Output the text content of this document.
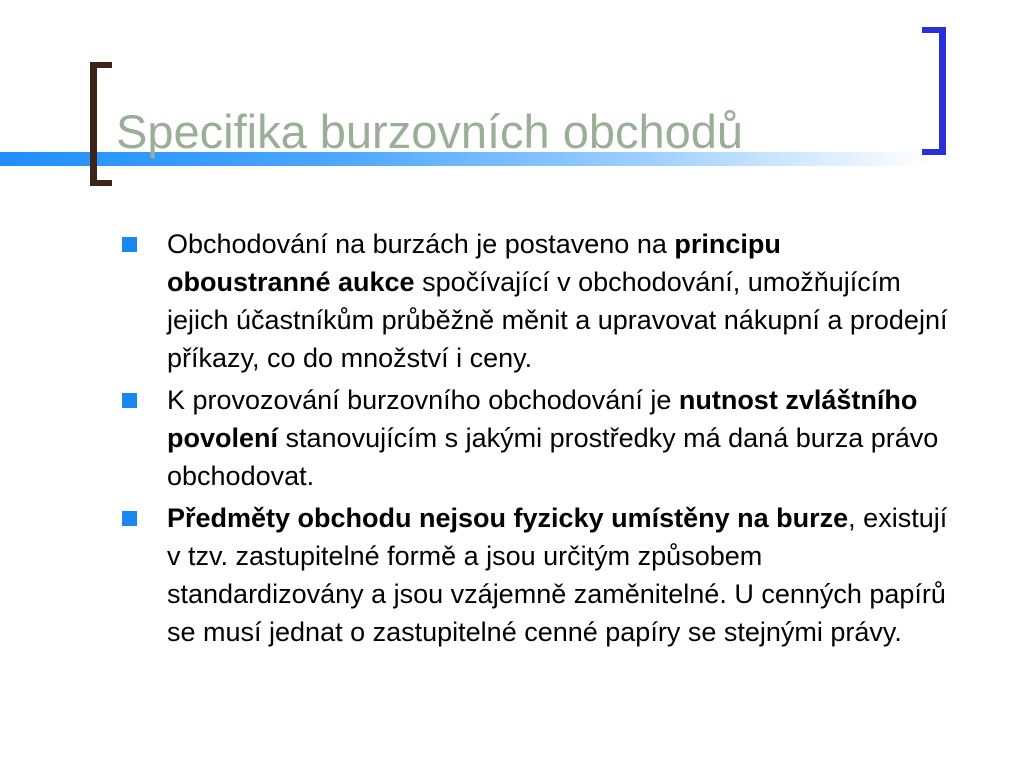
Specifika burzovních obchodů
Obchodování na burzách je postaveno na principu oboustranné aukce spočívající v obchodování, umožňujícím jejich účastníkům průběžně měnit a upravovat nákupní a prodejní příkazy, co do množství i ceny.
K provozování burzovního obchodování je nutnost zvláštního povolení stanovujícím s jakými prostředky má daná burza právo obchodovat.
Předměty obchodu nejsou fyzicky umístěny na burze, existují v tzv. zastupitelné formě a jsou určitým způsobem standardizovány a jsou vzájemně zaměnitelné. U cenných papírů se musí jednat o zastupitelné cenné papíry se stejnými právy.
